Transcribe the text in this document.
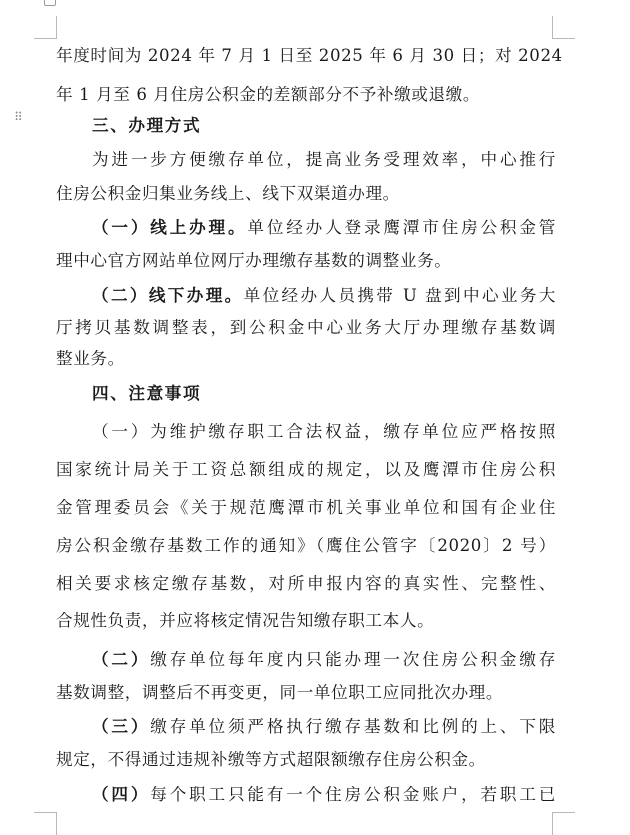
⠿
年度时间为 2024 年 7 月 1 日至 2025 年 6 月 30 日；对 2024
年 1 月至 6 月住房公积金的差额部分不予补缴或退缴。
三、办理方式
为进一步方便缴存单位，提高业务受理效率，中心推行
住房公积金归集业务线上、线下双渠道办理。
（一）线上办理。单位经办人登录鹰潭市住房公积金管
理中心官方网站单位网厅办理缴存基数的调整业务。
（二）线下办理。单位经办人员携带 U 盘到中心业务大
厅拷贝基数调整表，到公积金中心业务大厅办理缴存基数调
整业务。
四、注意事项
（一）为维护缴存职工合法权益，缴存单位应严格按照
国家统计局关于工资总额组成的规定，以及鹰潭市住房公积
金管理委员会《关于规范鹰潭市机关事业单位和国有企业住
房公积金缴存基数工作的通知》（鹰住公管字〔2020〕2 号）
相关要求核定缴存基数，对所申报内容的真实性、完整性、
合规性负责，并应将核定情况告知缴存职工本人。
（二）缴存单位每年度内只能办理一次住房公积金缴存
基数调整，调整后不再变更，同一单位职工应同批次办理。
（三）缴存单位须严格执行缴存基数和比例的上、下限
规定，不得通过违规补缴等方式超限额缴存住房公积金。
（四）每个职工只能有一个住房公积金账户，若职工已
